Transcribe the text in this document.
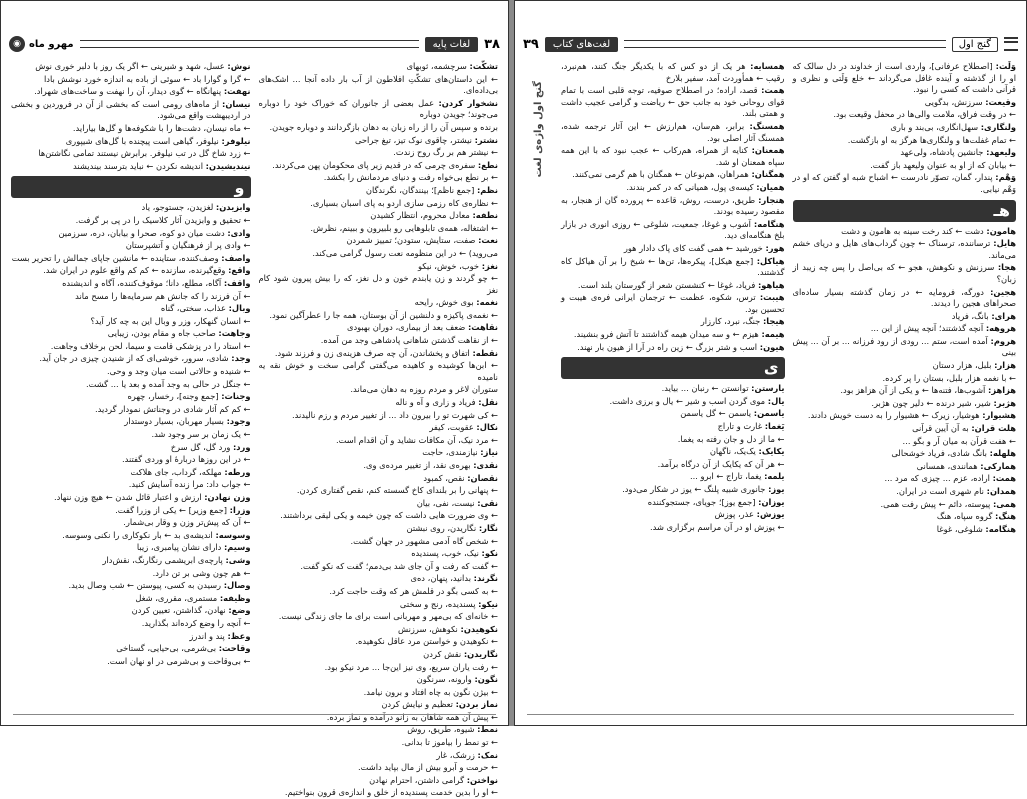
◉ مهرو ماه	لغات پایه	۳۸
تشکّت: سرچشمه، ثوبهای
← این داستان‌های تشکّتِ افلاطون از آب بار داده آنجا ... اشک‌های بی‌داده‌ای.
نشخوار کردن: عمل بعضی از جانوران که خوراک خود را دوباره می‌جوند؛ جویدن دوباره
برنده و سپس آن را از راه زبان به دهان بازگردانند و دوباره جویدن.
نشتر: نیشتر، چاقوی نوک تیز، تیغ جراحی
← نیشتر هم بر رگ روح زندت.
نطع: سفره‌ی چرمی که در قدیم زیر پای محکومان پهن می‌کردند.
← بر نطع بی‌خواه رفت و دنیای مردمانش را بکشد.
نظم: [جمع ناظم]؛ بینندگان، نگرندگان
← نظاره‌ی کاه رزمی سازی اردو به پای اسبان بسیاری.
نطفه: معادل محروم، انتظار کشیدن
← اشتغاله، همه‌ی تابلو‌هایی رو بلبیرون و ببینم، نظرش.
نعت: صفت، ستایش، ستودن؛ تمییز شمردن
می‌روید) ← در این منظومه نعت رسول گرامی می‌کند.
نغز: خوب، خوش، نیکو
← چو گردند و زن یابندم خون و دل نغز، که را بیش پیرون شود کام نغز
نغمه: بوی خوش، رایحه
← نغمه‌ی پاکیزه و دلنشین از آن بوستان، همه جا را عطرآگین نمود.
نقاهت: ضعف بعد از بیماری، دوران بهبودی
← از نقاهت گذشتن شاهانی پادشاهی وجد من آمده.
نقطه: اتفاق و پخشاندن، آن چه صرف هزینه‌ی زن و فرزند شود.
← ابن‌ها کوشیده و کاهیده می‌گفتی گرامی سخت و خوش نقه یه نامیده
ستوران لاغر و مردم روزه به دهان می‌ماند.
نقل: فریاد و زاری و آه و ناله
← کی شهرت تو را بیرون داد ... از تغییر مردم و رزم نالیدند.
نکال: عقوبت، کیفر
← مرد نیک، آن مکافات نشاید و آن اقدام است.
نیاز: نیازمندی، حاجت
نقدی: بهره‌ی نقد، از تغییر مرده‌ی وی.
نقصان: نقص، کمبود
← پنهانی را بر بلندای کاخ گسسته کنم، نقص گفتاری کردن.
نقی: نیست، نفی، بیان
← وی ضرورت هایی داشت که چون خیمه و یکی لیقی برداشتند.
نگار: نگاریدن، روی نبشتن
← شخص گاه آدمی مشهور در جهان گشت.
نکو: نیک، خوب، پسندیده
← گفت که رفت و آن جای شد بی‌دمم؛ گفت که نکو گفت.
نگرند: بدانید، پنهان، ده‌ی
← به کسی بگو در قلمش هر که وقت حاجت کرد.
نیکو: پسندیده، رنج و سختی
← خانه‌ای که بی‌مهر و مهربانی است برای ما جای زندگی نیست.
نکوهیدن: نکوهش، سرزنش
← نکوهیدن و خواستن مرد عاقل نکوهیده.
نگاریدن: نقش کردن
← رفت یاران سریع، وی نیز این‌جا ... مرد نیکو بود.
نگون: وارونه، سرنگون
← بیژن نگون به چاه افتاد و برون نیامد.
نماز بردن: تعظیم و نیایش کردن
← پیش آن همه شاهان به زانو درآمده و نماز برده.
نمط: شیوه، طریق، روش
← تو نمط را بیاموز تا بدانی.
نمک: زرشک، غار
← حرمت و آبرو بیش از مال بپاید داشت.
نواختن: گرامی داشتن، احترام نهادن
← او را بدین خدمت پسندیده از خلق و اندازه‌ی قرون بنواختیم.
نوش: عسل، شهد و شیرینی ← اگر یک روز با دلبر خوری نوش
← گرا و گوارا باد ← سوئی از باده به اندازه خورد نوشش بادا
نهفت: پنهانگاه ← گوی دیدار، آن را نهفت و ساخت‌های شهراد.
نیسان: از ماه‌های رومی است که بخشی از آن در فروردین و بخشی در اردیبهشت واقع می‌شود.
← ماه نیسان، دشت‌ها را با شکوفه‌ها و گل‌ها بیاراید.
نیلوفر: نیلوفر، گیاهی است پیچنده با گل‌های شیپوری
← زرد شاخ گل در تب نیلوفر. برابرش نیستند تمامی نگاشتن‌ها
نیندیشیدن: اندیشه نکردن ← نباید بترسند بیندیشند
و
وابزیدن: لغزیدن، جستوجو، یاد
← تحقیق و وابزیدن آثار کلاسیک را در پی بر گرفت.
وادی: دشت میان دو کوه، صحرا و بیابان، دره، سرزمین
← وادی پر از فرهنگیان و آتشپرستان
واصف: وصف‌کننده، ستاینده ← مانشین جاپای جمالش را تحریر بست
واقع: وقع‌گیرنده، سازنده ← کم کم واقع علوم در ایران شد.
واقف: آگاه، مطلع، دانا؛ موقوف‌کننده، آگاه و اندیشنده
← آن فرزند را که جانش هم سرمایه‌ها را مسح ماند
وبال: عذاب، سختی، گناه
← انسان گنهکار، وزر و وبال این به چه کار آید؟
وجاهت: صاحب جاه و مقام بودن، زیبایی
← استاد را در پزشکی قامت و سیما، لحن برخلاف وجاهت.
وجد: شادی، سرور، خوشی‌ای که از شنیدن چیزی در جان آید.
← شنیده و حالاتی است میان وجد و وحی.
← جنگل در حالی به وجد آمده و بعد یا ... گشت.
وجنات: [جمع وجنه]، رخسار، چهره
← کم کم آثار شادی در وجناتش نمودار گردید.
وجود: بسیار مهربان، بسیار دوستدار
← یک زمان بر سر وجود شد.
ورد: ورد گل، گل سرخ
← در این روزها دربارهٔ او وردی گفتند.
ورطه: مهلکه، گرداب، جای هلاکت
← جواب داد: مرا زنده آسایش کنید.
وزن نهادن: ارزش و اعتبار قائل شدن ← هیچ وزن ننهاد.
وزرا: [جمع وزیر] ← یکی از وزرا گفت.
← آن که پیش‌تر وزن و وقار بی‌شمار.
وسوسه: اندیشه‌ی بد ← بار نکوکاری را نکنی وسوسه.
وسیم: دارای نشان پیامبری، زیبا
وشی: پارچه‌ی ابریشمی رنگارنگ، نقش‌دار
← هم چون وشی بر تن دارد.
وصال: رسیدن به کسی، پیوستن ← شب وصال بدید.
وظیفه: مستمری، مقرری، شغل
وضع: نهادن، گذاشتن، تعیین کردن
← آنچه را وضع کرده‌اند بگذارید.
وعظ: پند و اندرز
وقاحت: بی‌شرمی، بی‌حیایی، گستاخی
← بی‌وقاحت و بی‌شرمی در او نهان است.
۳۹	لغت‌های کتاب	گنج اول
وَلَت: [اصطلاح عرفانی]، واردی است از خداوند در دل سالک که او را از گذشته و آینده غافل می‌گرداند ← خلع وَلَتی و نظری و قرآنی داشت که کسی را نبود.
وقیعت: سرزنش، بدگویی
← در وقت فراق، ملامت والی‌ها در محفل وقیعت بود.
ولنگاری: سهل‌انگاری، بی‌بند و باری
← تمام غفلت‌ها و ولنگاری‌ها هرگز به او بازگشت.
ولیعهد: جانشین پادشاه، ولی‌عهد
← بیابان که از او به عنوان ولیعهد باز گفت.
وَهْم: پندار، گمان، تصوّر نادرست ← اشباح شبه او گفتن که او در وَهْم نیابی.
هـ
هامون: دشت ← کند رخت سینه به هامون و دشت
هایل: ترساننده، ترسناک ← چون گرداب‌های هایل و دریای خشم می‌ماند.
هجا: سرزنش و نکوهش، هجو ← که بی‌اصل را پس چه زیبد از زبان؟
هجین: دورگه، فرومایه ← در زمان گذشته بسیار ساده‌ای صحراهای هجین را دیدند.
هرای: بانگ، فریاد
هروهه: آنچه گذشتند؛ آنچه پیش از این ...
هروم: آمده است، ستم ... رودی از رود فرزانه ... بر آن ... پیش بینی
هزار: بلبل، هزار دستان
← با نغمه هزار بلبل، بستان را پر کرده.
هزاهز: آشوب‌ها، فتنه‌ها ← و یکی از آن هزاهز بود.
هژبر: شیر، شیر درنده ← دلیر چون هژبر.
هشیوار: هوشیار، زیرک ← هشیوار را به دست خویش دادند.
هلت قران: به آن آیین قرآنی
← هفت قرآن به میان آر و بگو ...
هلهله: بانگ شادی، فریاد خوشحالی
همارکی: همانندی، همسانی
همت: اراده، عزم ... چیزی که مرد ...
همدان: نام شهری است در ایران.
همی: پیوسته، دائم ← پیش رفت همی.
هنگ: گروه سپاه، هنگ
هنگامه: شلوغی، غوغا
همسایه: هر یک از دو کس که با یکدیگر جنگ کنند، هم‌نبرد، رقیب ← همأوردت آمد، سفیر بلارخ
همت: قصد، اراده؛ در اصطلاح صوفیه، توجه قلبی است با تمام قوای روحانی خود به جانب حق ← ریاضت و گرامی عجیب داشت و همتی بلند.
همسنگ: برابر، هم‌سان، هم‌ارزش ← این آثار ترجمه شده، همسنگ آثار اصلی بود.
همعنان: کنایه از همراه، هم‌رکاب ← عجب نبود که با این همه سپاه همعنان او شد.
همگنان: همراهان، هم‌نوعان ← همگنان با هم گرمی نمی‌کنند.
همیان: کیسه‌ی پول، همیانی که در کمر بندند.
هنجار: طریق، درست، روش، قاعده ← پرورده گان از هنجار، به مقصود رسیده بودند.
هنگامه: آشوب و غوغا، جمعیت، شلوغی ← روزی انوری در بازار بلخ هنگامه‌ای دید.
هور: خورشید ← همی گفت کای پاک دادار هور
هیاکل: [جمع هیکل]، پیکره‌ها، تن‌ها ← شیخ را بر آن هیاکل کاه گذشتند.
هیاهو: فریاد، غوغا ← کنشستن شعر از گورستان بلند است.
هیبت: ترس، شکوه، عظمت ← ترجمان ایرانی فره‌ی هیبت و تحسین بود.
هیجا: جنگ، نبرد، کارزار
هیمه: هیزم ← و سه میدان هیمه گذاشتند تا آتش فرو بنشیند.
هیون: اسب و شتر بزرگ ← زین راه در آرا از هیون بار نهند.
ی
یارستن: توانستن ← رنبان ... بیاید.
یال: موی گردن اسب و شیر ← یال و برزی داشت.
یاسمن: یاسمن ← گل یاسمن
یَغما: غارت و تاراج
← ما از دل و جان رفته به یغما.
یکایک: یک‌یک، ناگهان
← هر آن که یکایک از آن درگاه برآمد.
یلمه: یغما، تاراج ← ابرو ...
یوز: جانوری شبیه پلنگ ← یوز در شکار می‌دود.
یوزان: [جمع یوز]؛ جویای، جستجوکننده
یوزش: عذر، پوزش
← یوزش او در آن مراسم برگزاری شد.
گنج اول واژه‌ی لغت
